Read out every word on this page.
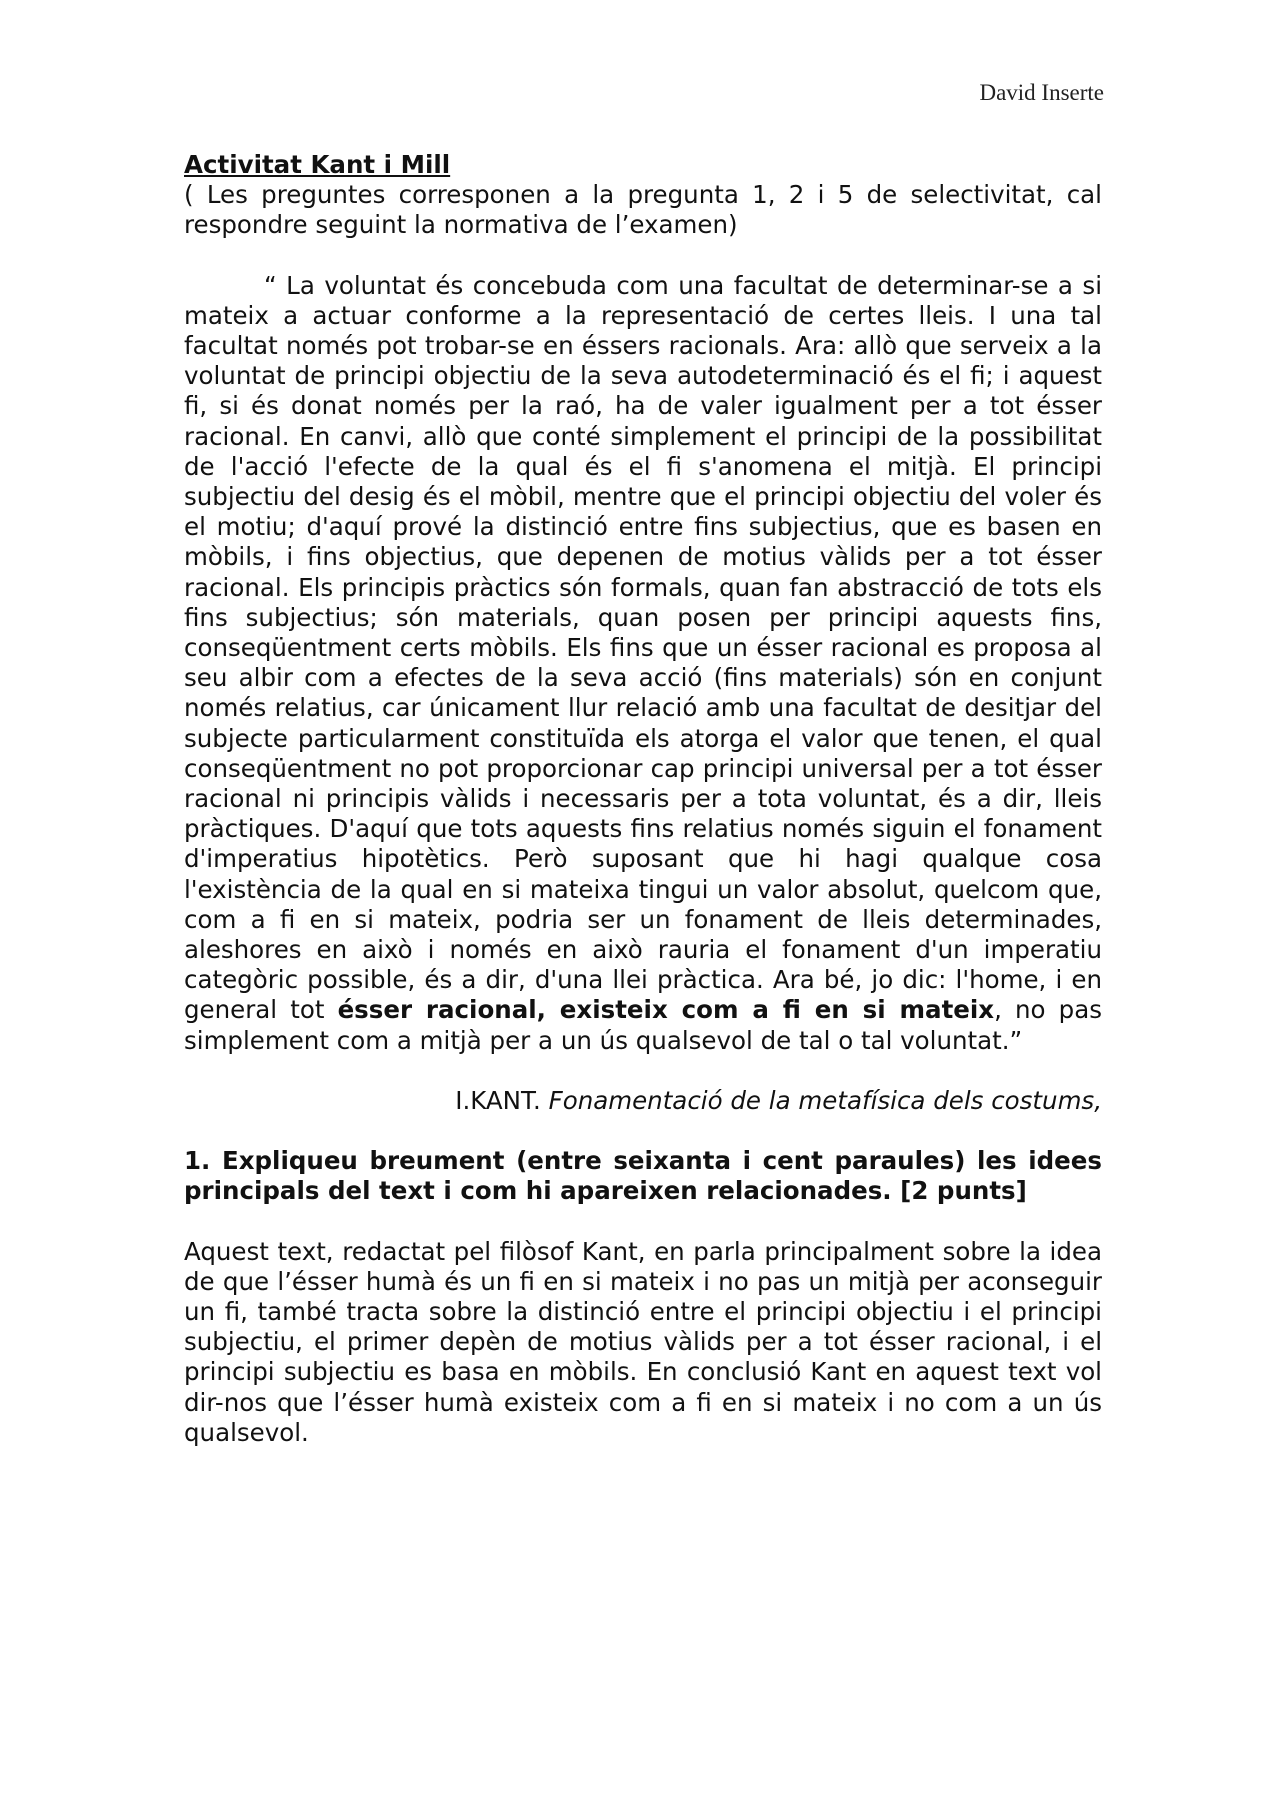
David Inserte

Activitat Kant i Mill

( Les preguntes corresponen a la pregunta 1, 2 i 5 de selectivitat, cal respondre seguint la normativa de l’examen)

“ La voluntat és concebuda com una facultat de determinar-se a si mateix a actuar conforme a la representació de certes lleis. I una tal facultat només pot trobar-se en éssers racionals. Ara: allò que serveix a la voluntat de principi objectiu de la seva autodeterminació és el fi; i aquest fi, si és donat només per la raó, ha de valer igualment per a tot ésser racional. En canvi, allò que conté simplement el principi de la possibilitat de l'acció l'efecte de la qual és el fi s'anomena el mitjà. El principi subjectiu del desig és el mòbil, mentre que el principi objectiu del voler és el motiu; d'aquí prové la distinció entre fins subjectius, que es basen en mòbils, i fins objectius, que depenen de motius vàlids per a tot ésser racional. Els principis pràctics són formals, quan fan abstracció de tots els fins subjectius; són materials, quan posen per principi aquests fins, conseqüentment certs mòbils. Els fins que un ésser racional es proposa al seu albir com a efectes de la seva acció (fins materials) són en conjunt només relatius, car únicament llur relació amb una facultat de desitjar del subjecte particularment constituïda els atorga el valor que tenen, el qual conseqüentment no pot proporcionar cap principi universal per a tot ésser racional ni principis vàlids i necessaris per a tota voluntat, és a dir, lleis pràctiques. D'aquí que tots aquests fins relatius només siguin el fonament d'imperatius hipotètics. Però suposant que hi hagi qualque cosa l'existència de la qual en si mateixa tingui un valor absolut, quelcom que, com a fi en si mateix, podria ser un fonament de lleis determinades, aleshores en això i només en això rauria el fonament d'un imperatiu categòric possible, és a dir, d'una llei pràctica. Ara bé, jo dic: l'home, i en general tot ésser racional, existeix com a fi en si mateix, no pas simplement com a mitjà per a un ús qualsevol de tal o tal voluntat.”

I.KANT. Fonamentació de la metafísica dels costums,

1. Expliqueu breument (entre seixanta i cent paraules) les idees principals del text i com hi apareixen relacionades. [2 punts]

Aquest text, redactat pel filòsof Kant, en parla principalment sobre la idea de que l’ésser humà és un fi en si mateix i no pas un mitjà per aconseguir un fi, també tracta sobre la distinció entre el principi objectiu i el principi subjectiu, el primer depèn de motius vàlids per a tot ésser racional, i el principi subjectiu es basa en mòbils. En conclusió Kant en aquest text vol dir-nos que l’ésser humà existeix com a fi en si mateix i no com a un ús qualsevol.
